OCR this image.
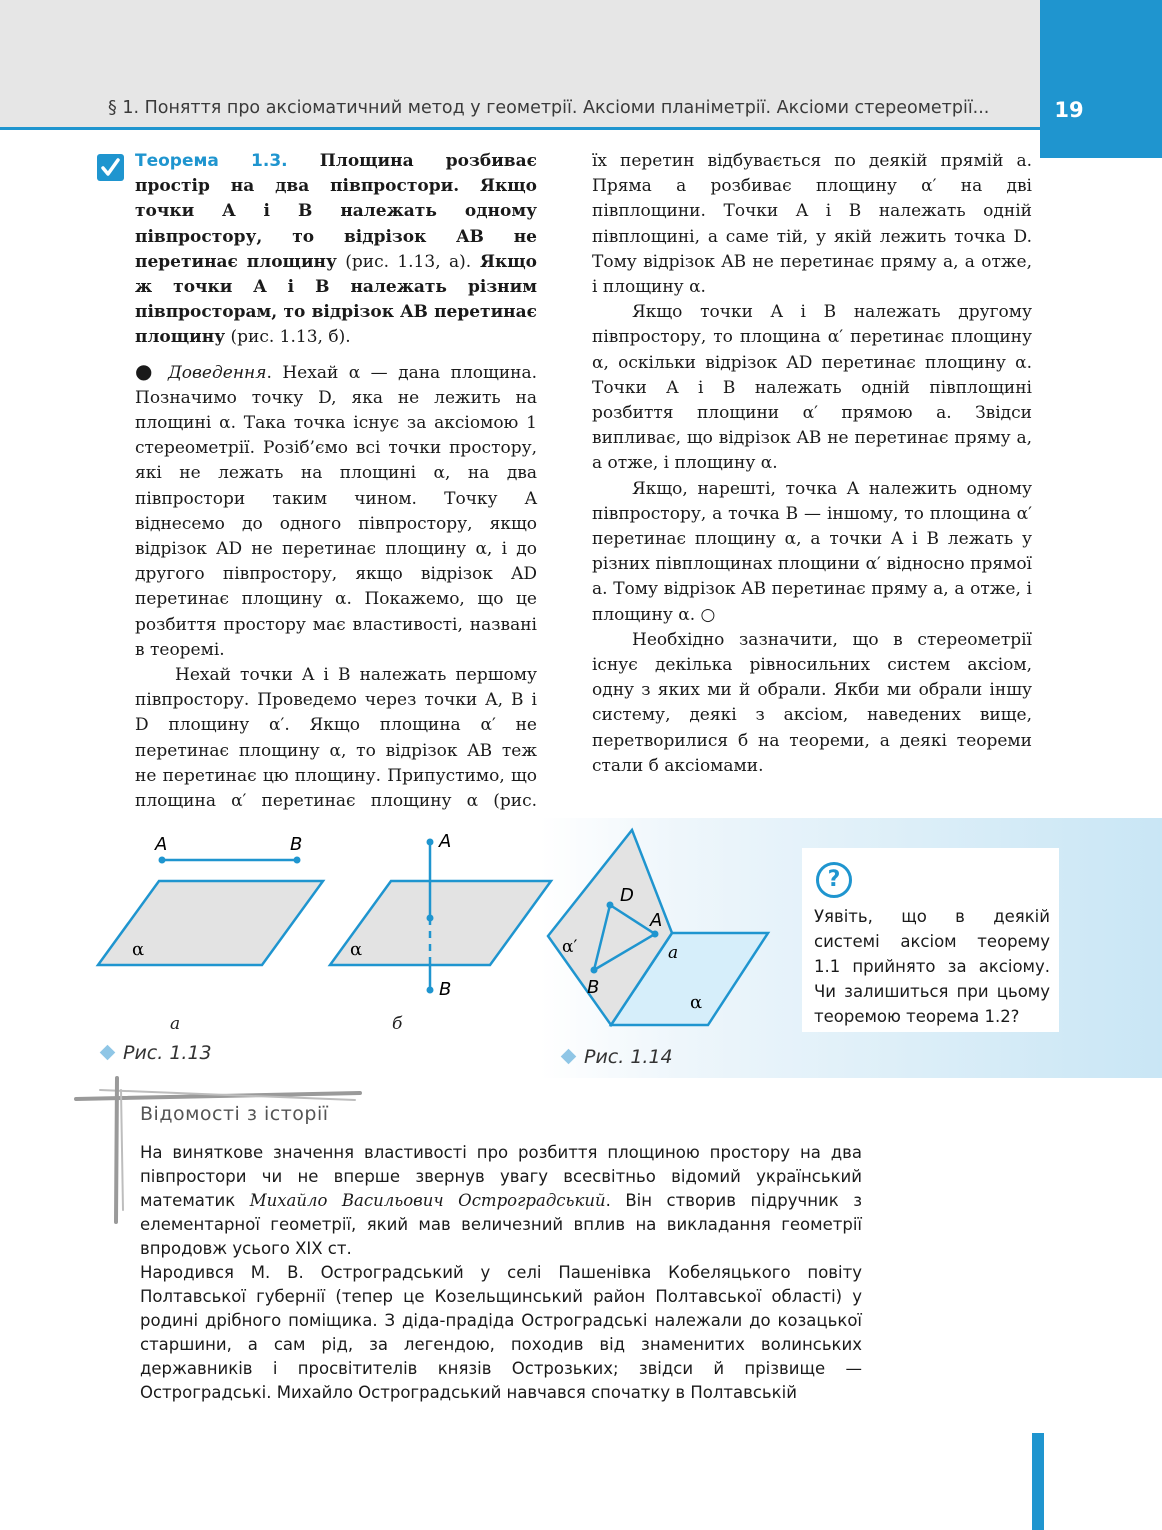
§ 1. Поняття про аксіоматичний метод у геометрії. Аксіоми планіметрії. Аксіоми стереометрії...	19

Теорема 1.3. Площина розбиває простір на два півпростори. Якщо точки A і B належать одному півпростору, то відрізок AB не перетинає площину (рис. 1.13, а). Якщо ж точки A і B належать різним півпросторам, то відрізок AB перетинає площину (рис. 1.13, б).

● Доведення. Нехай α — дана площина. Позначимо точку D, яка не лежить на площині α. Така точка існує за аксіомою 1 стереометрії. Розіб’ємо всі точки простору, які не лежать на площині α, на два півпростори таким чином. Точку A віднесемо до одного півпростору, якщо відрізок AD не перетинає площину α, і до другого півпростору, якщо відрізок AD перетинає площину α. Покажемо, що це розбиття простору має властивості, названі в теоремі.

Нехай точки A і B належать першому півпростору. Проведемо через точки A, B і D площину α′. Якщо площина α′ не перетинає площину α, то відрізок AB теж не перетинає цю площину. Припустимо, що площина α′ перетинає площину α (рис.

їх перетин відбувається по деякій прямій a. Пряма a розбиває площину α′ на дві півплощини. Точки A і B належать одній півплощині, а саме тій, у якій лежить точка D. Тому відрізок AB не перетинає пряму a, а отже, і площину α.

Якщо точки A і B належать другому півпростору, то площина α′ перетинає площину α, оскільки відрізок AD перетинає площину α. Точки A і B належать одній півплощині розбиття площини α′ прямою a. Звідси випливає, що відрізок AB не перетинає пряму a, а отже, і площину α.

Якщо, нарешті, точка A належить одному півпростору, а точка B — іншому, то площина α′ перетинає площину α, а точки A і B лежать у різних півплощинах площини α′ відносно прямої a. Тому відрізок AB перетинає пряму a, а отже, і площину α. ○

Необхідно зазначити, що в стереометрії існує декілька рівносильних систем аксіом, одну з яких ми й обрали. Якби ми обрали іншу систему, деякі з аксіом, наведених вище, перетворилися б на теореми, а деякі теореми стали б аксіомами.

A	B
α
A
B
α
D
A
B
a
α
α′
а	б
Рис. 1.13	Рис. 1.14
?
Уявіть, що в деякій системі аксіом теорему 1.1 прийнято за аксіому. Чи залишиться при цьому теоремою теорема 1.2?
Відомості з історії

На виняткове значення властивості про розбиття площиною простору на два півпростори чи не вперше звернув увагу всесвітньо відомий український математик Михайло Васильович Остроградський. Він створив підручник з елементарної геометрії, який мав величезний вплив на викладання геометрії впродовж усього XIX ст.

Народився М. В. Остроградський у селі Пашенівка Кобеляцького повіту Полтавської губернії (тепер це Козельщинський район Полтавської області) у родині дрібного поміщика. З діда-прадіда Остроградські належали до козацької старшини, а сам рід, за легендою, походив від знаменитих волинських державників і просвітителів князів Острозьких; звідси й прізвище — Остроградські. Михайло Остроградський навчався спочатку в Полтавській
